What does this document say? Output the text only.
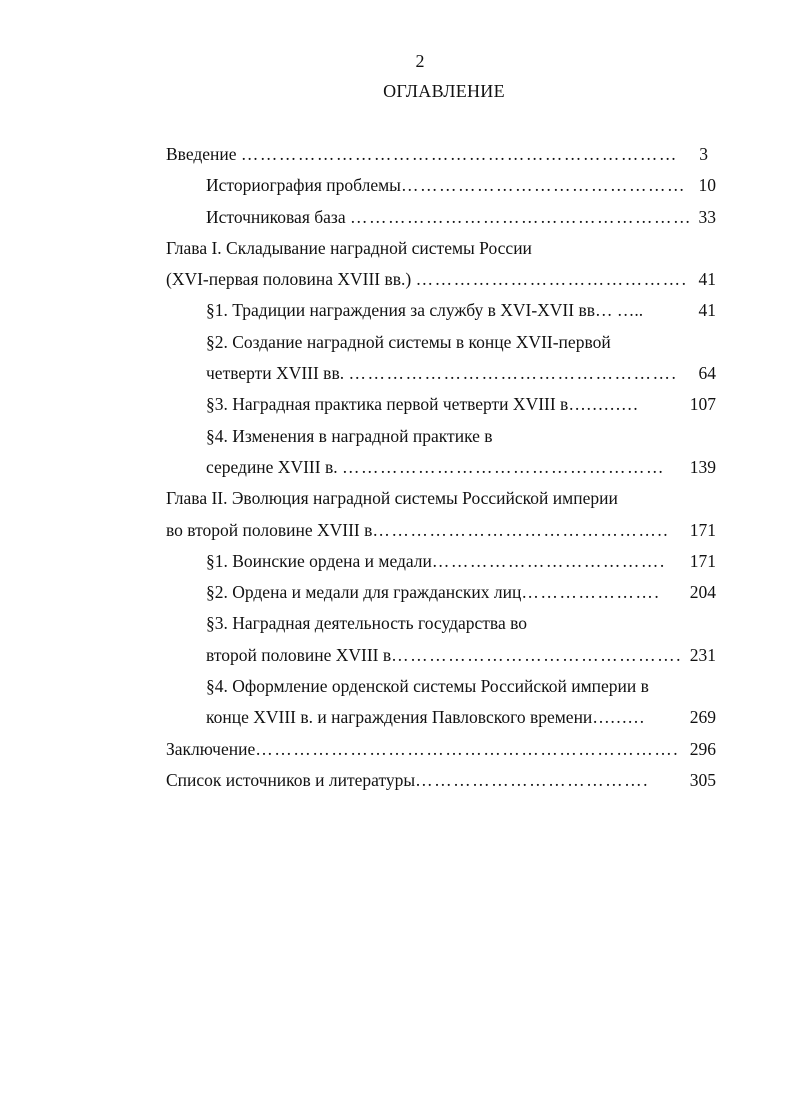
2
ОГЛАВЛЕНИЕ
Введение …………………………………………………………… 3
Историография проблемы……………………………………… 10
Источниковая база ……………………………………………… 33
Глава I. Складывание наградной системы России
(XVI-первая половина XVIII вв.) ……………………………………. 41
§1. Традиции награждения за службу в XVI-XVII вв… …..	41
§2. Создание наградной системы в конце XVII-первой
четверти XVIII вв. ……………………………………………. 64
§3. Наградная практика первой четверти XVIII в…………	107
§4. Изменения в наградной практике в
середине XVIII в. …………………………………………… 139
Глава II. Эволюция наградной системы Российской империи
во второй половине XVIII в……………………………………….. 171
§1. Воинские ордена и медали………………………………. 171
§2. Ордена и медали для гражданских лиц…………………. 204
§3. Наградная деятельность государства во
второй половине XVIII в………………………………………. 231
§4. Оформление орденской системы Российской империи в
конце XVIII в. и награждения Павловского времени………	269
Заключение…………………………………………………………. 296
Список источников и литературы………………………………. 305
